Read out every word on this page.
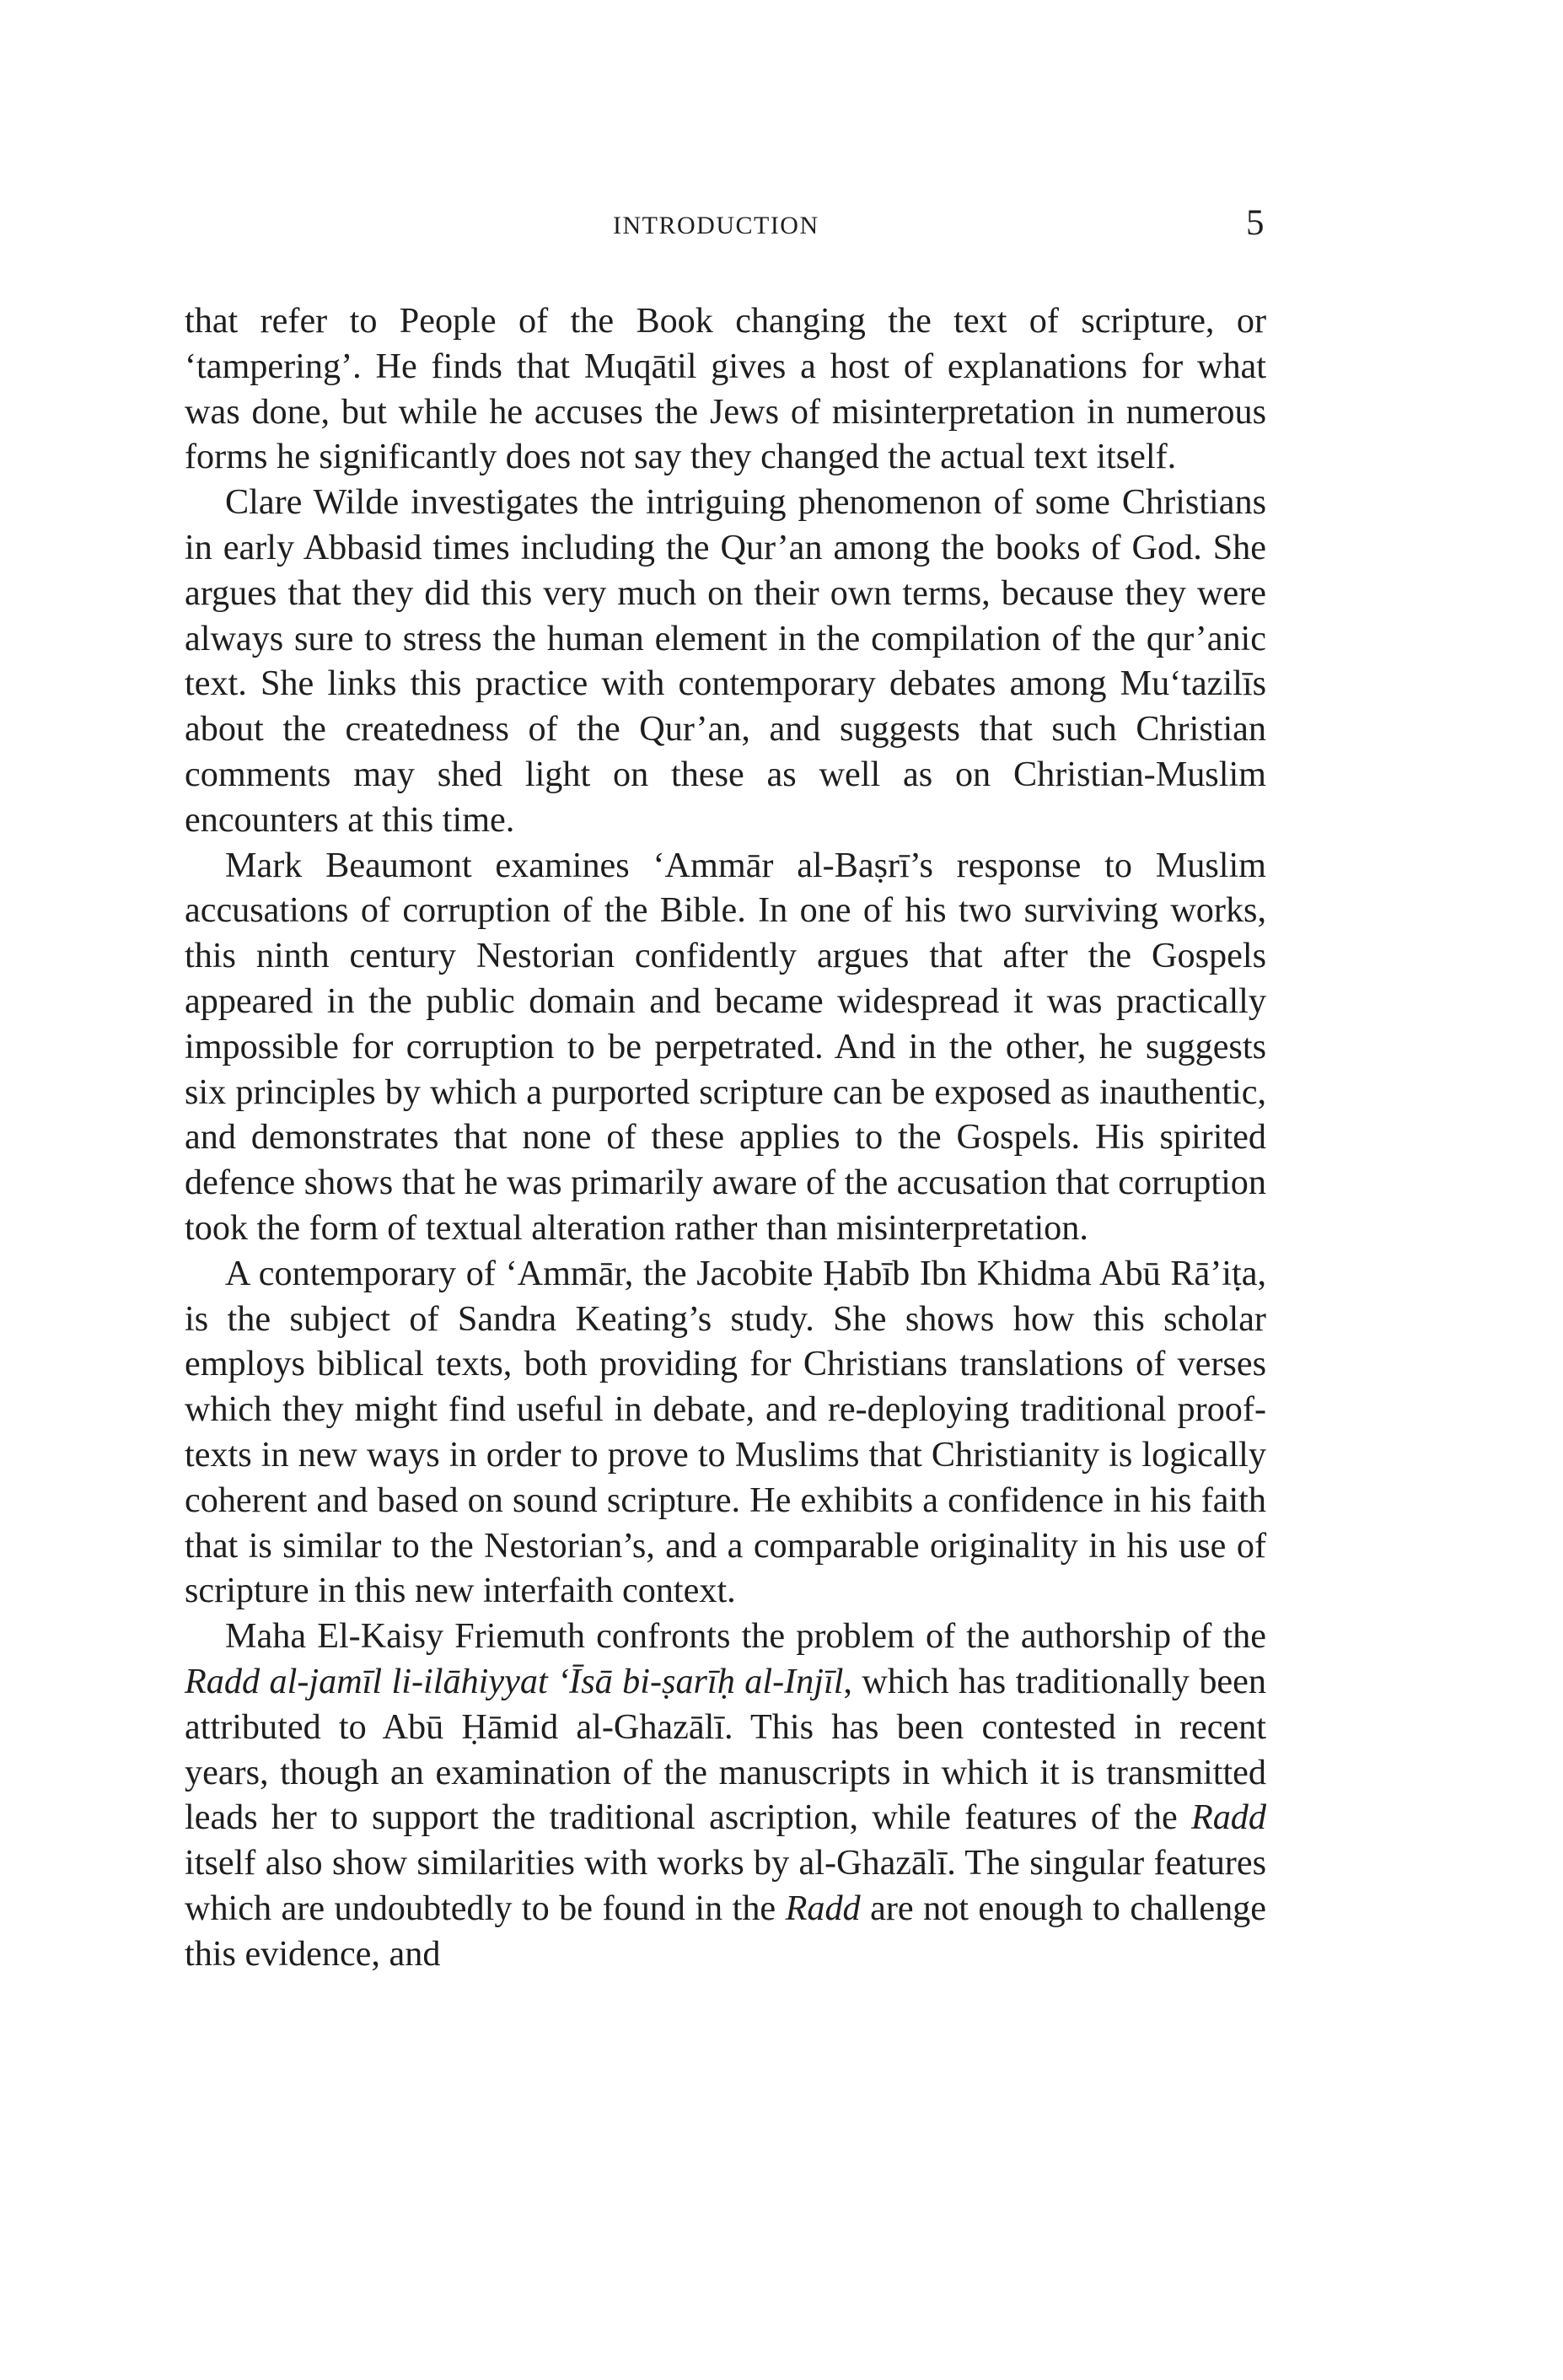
INTRODUCTION	5

that refer to People of the Book changing the text of scripture, or ‘tampering’. He finds that Muqātil gives a host of explanations for what was done, but while he accuses the Jews of misinterpretation in numerous forms he significantly does not say they changed the actual text itself.

Clare Wilde investigates the intriguing phenomenon of some Christians in early Abbasid times including the Qur’an among the books of God. She argues that they did this very much on their own terms, because they were always sure to stress the human element in the compilation of the qur’anic text. She links this practice with contemporary debates among Mu‘tazilīs about the createdness of the Qur’an, and suggests that such Christian comments may shed light on these as well as on Christian-Muslim encounters at this time.

Mark Beaumont examines ‘Ammār al-Baṣrī’s response to Muslim accusations of corruption of the Bible. In one of his two surviving works, this ninth century Nestorian confidently argues that after the Gospels appeared in the public domain and became widespread it was practically impossible for corruption to be perpetrated. And in the other, he suggests six principles by which a purported scripture can be exposed as inauthentic, and demonstrates that none of these applies to the Gospels. His spirited defence shows that he was primarily aware of the accusation that corruption took the form of textual alteration rather than misinterpretation.

A contemporary of ‘Ammār, the Jacobite Ḥabīb Ibn Khidma Abū Rā’iṭa, is the subject of Sandra Keating’s study. She shows how this scholar employs biblical texts, both providing for Christians translations of verses which they might find useful in debate, and re-deploying traditional proof-texts in new ways in order to prove to Muslims that Christianity is logically coherent and based on sound scripture. He exhibits a confidence in his faith that is similar to the Nestorian’s, and a comparable originality in his use of scripture in this new interfaith context.

Maha El-Kaisy Friemuth confronts the problem of the authorship of the Radd al-jamīl li-ilāhiyyat ‘Īsā bi-ṣarīḥ al-Injīl, which has traditionally been attributed to Abū Ḥāmid al-Ghazālī. This has been contested in recent years, though an examination of the manuscripts in which it is transmitted leads her to support the traditional ascription, while features of the Radd itself also show similarities with works by al-Ghazālī. The singular features which are undoubtedly to be found in the Radd are not enough to challenge this evidence, and
